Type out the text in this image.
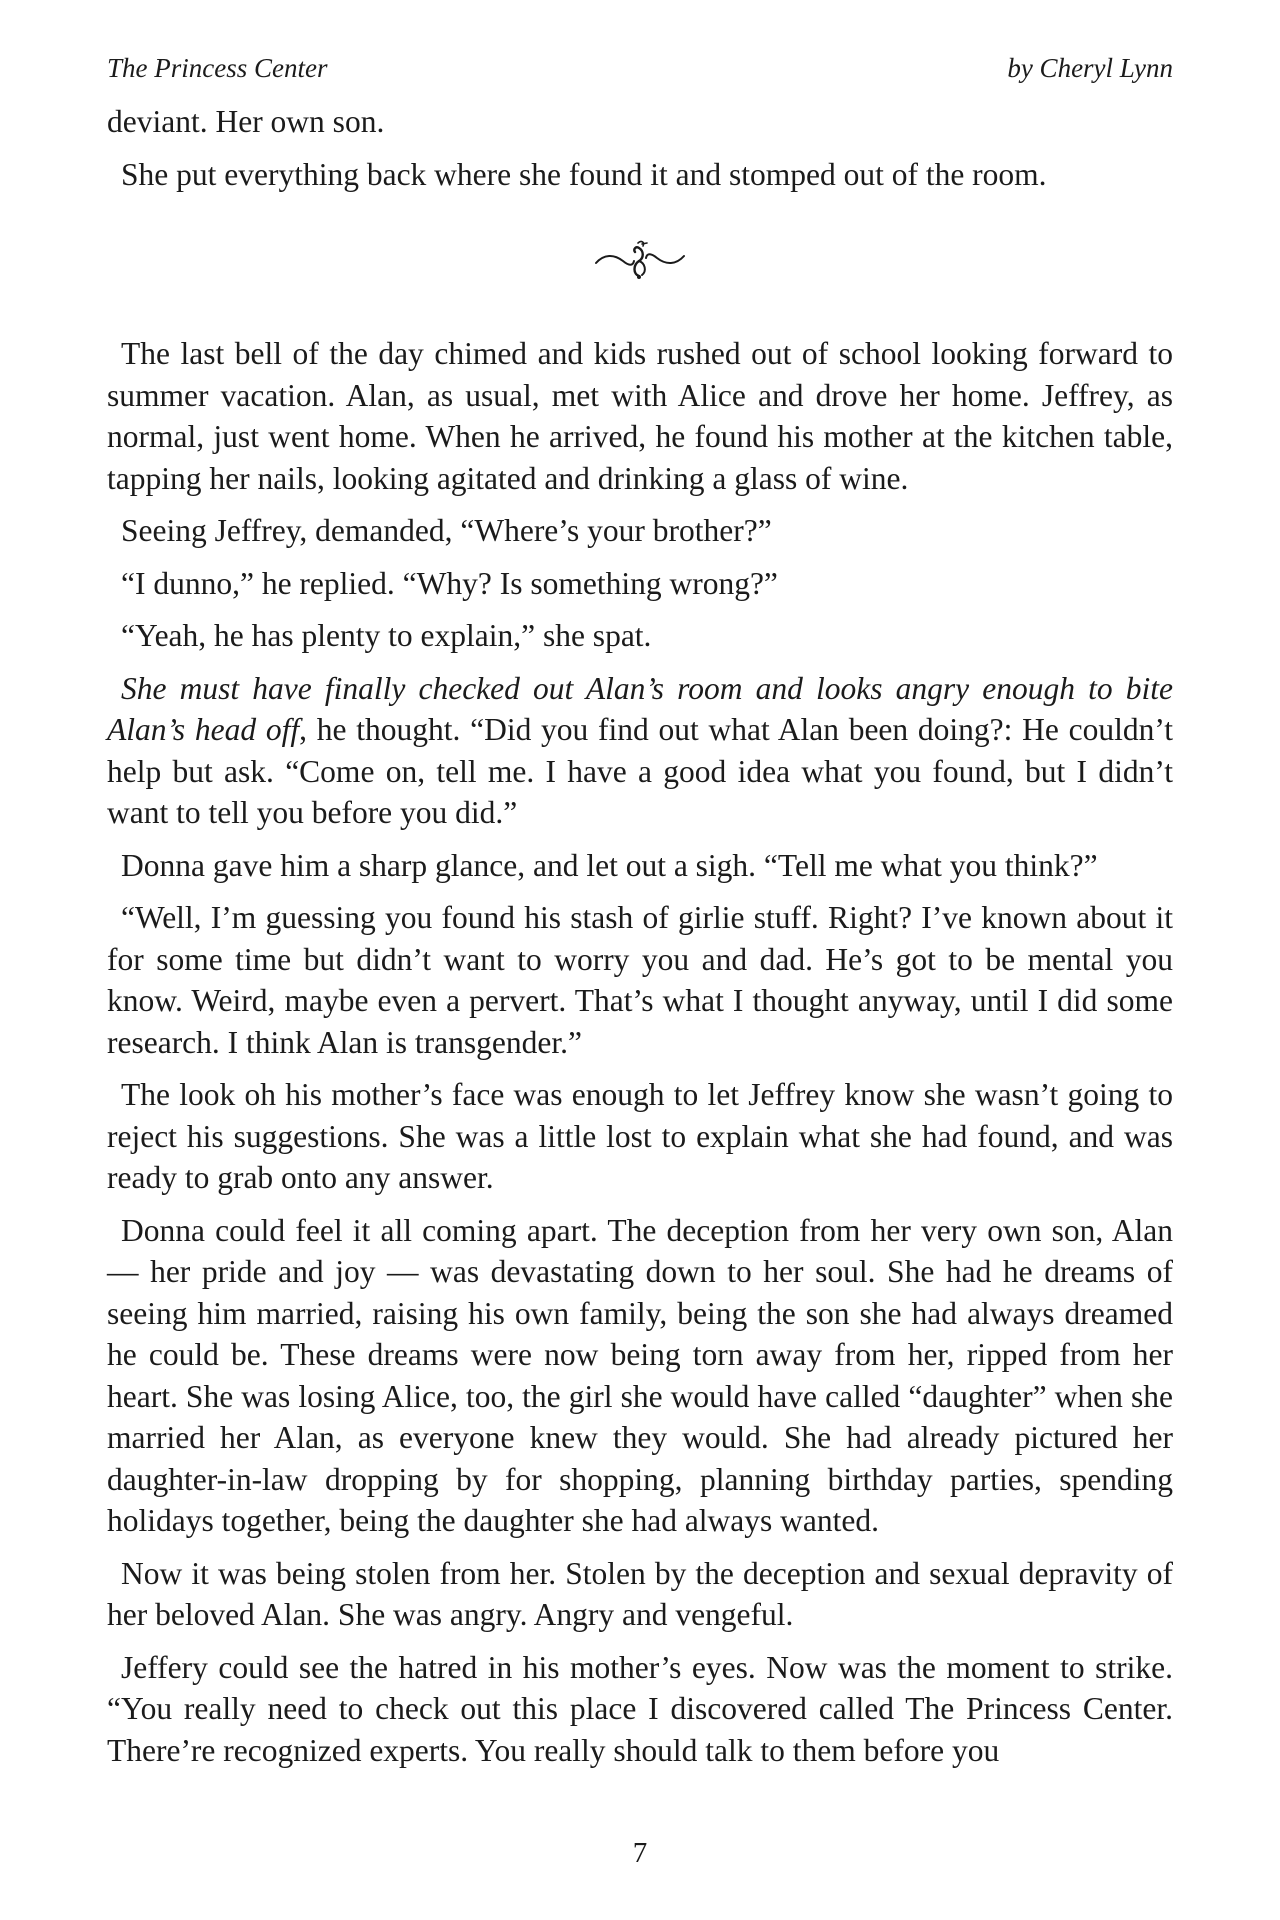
The Princess Center	by Cheryl Lynn

deviant. Her own son.

She put everything back where she found it and stomped out of the room.

The last bell of the day chimed and kids rushed out of school looking forward to summer vacation. Alan, as usual, met with Alice and drove her home. Jeffrey, as normal, just went home. When he arrived, he found his mother at the kitchen table, tapping her nails, looking agitated and drinking a glass of wine.

Seeing Jeffrey, demanded, “Where’s your brother?”

“I dunno,” he replied. “Why? Is something wrong?”

“Yeah, he has plenty to explain,” she spat.

She must have finally checked out Alan’s room and looks angry enough to bite Alan’s head off, he thought. “Did you find out what Alan been doing?: He couldn’t help but ask. “Come on, tell me. I have a good idea what you found, but I didn’t want to tell you before you did.”

Donna gave him a sharp glance, and let out a sigh. “Tell me what you think?”

“Well, I’m guessing you found his stash of girlie stuff. Right? I’ve known about it for some time but didn’t want to worry you and dad. He’s got to be mental you know. Weird, maybe even a pervert. That’s what I thought anyway, until I did some research. I think Alan is transgender.”

The look oh his mother’s face was enough to let Jeffrey know she wasn’t going to reject his suggestions. She was a little lost to explain what she had found, and was ready to grab onto any answer.

Donna could feel it all coming apart. The deception from her very own son, Alan — her pride and joy — was devastating down to her soul. She had he dreams of seeing him married, raising his own family, being the son she had always dreamed he could be. These dreams were now being torn away from her, ripped from her heart. She was losing Alice, too, the girl she would have called “daughter” when she married her Alan, as everyone knew they would. She had already pictured her daughter-in-law dropping by for shopping, planning birthday parties, spending holidays together, being the daughter she had always wanted.

Now it was being stolen from her. Stolen by the deception and sexual depravity of her beloved Alan. She was angry. Angry and vengeful.

Jeffery could see the hatred in his mother’s eyes. Now was the moment to strike. “You really need to check out this place I discovered called The Princess Center. There’re recognized experts. You really should talk to them before you

7
